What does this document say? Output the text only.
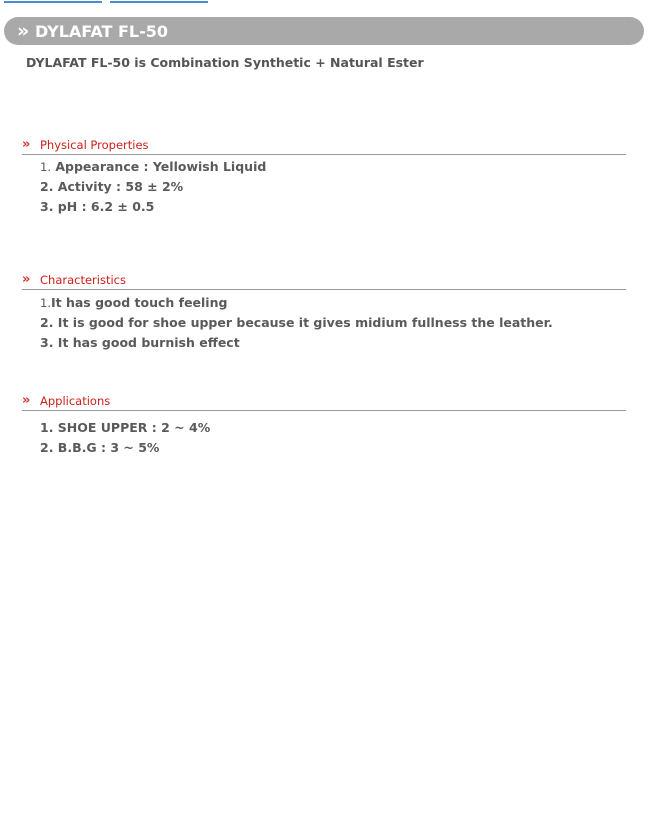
» DYLAFAT FL-50
DYLAFAT FL-50 is Combination Synthetic + Natural Ester
» Physical Properties
1. Appearance : Yellowish Liquid
2. Activity : 58 ± 2%
3. pH : 6.2 ± 0.5
» Characteristics
1.It has good touch feeling
2. It is good for shoe upper because it gives midium fullness the leather.
3. It has good burnish effect
» Applications
1. SHOE UPPER : 2 ~ 4%
2. B.B.G : 3 ~ 5%
